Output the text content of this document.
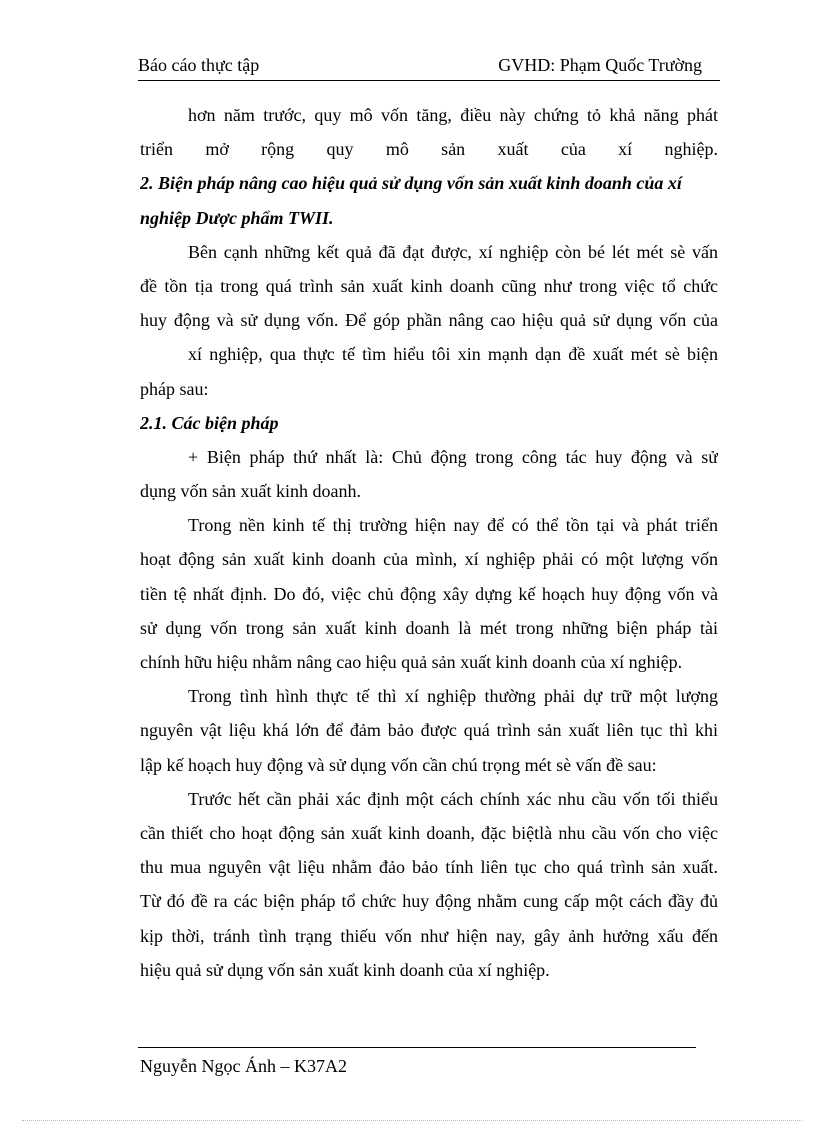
Báo cáo thực tập	GVHD: Phạm Quốc Trường
hơn năm trước, quy mô vốn tăng, điều này chứng tỏ khả năng phát
triển mở rộng quy mô sản xuất của xí nghiệp.
2. Biện pháp nâng cao hiệu quả sử dụng vốn sản xuất kinh doanh của xí
nghiệp Dược phẩm TWII.
Bên cạnh những kết quả đã đạt được, xí nghiệp còn bé lét mét sè vấn
đề tồn tịa trong quá trình sản xuất kinh doanh cũng như trong việc tổ chức
huy động và sử dụng vốn. Để góp phần nâng cao hiệu quả sử dụng vốn của
xí nghiệp, qua thực tế tìm hiểu tôi xin mạnh dạn đề xuất mét sè biện
pháp sau:
2.1. Các biện pháp
+ Biện pháp thứ nhất là: Chủ động trong công tác huy động và sử
dụng vốn sản xuất kinh doanh.
Trong nền kinh tế thị trường hiện nay để có thể tồn tại và phát triển
hoạt động sản xuất kinh doanh của mình, xí nghiệp phải có một lượng vốn
tiền tệ nhất định. Do đó, việc chủ động xây dựng kế hoạch huy động vốn và
sử dụng vốn trong sản xuất kinh doanh là mét trong những biện pháp tài
chính hữu hiệu nhằm nâng cao hiệu quả sản xuất kinh doanh của xí nghiệp.
Trong tình hình thực tế thì xí nghiệp thường phải dự trữ một lượng
nguyên vật liệu khá lớn để đảm bảo được quá trình sản xuất liên tục thì khi
lập kế hoạch huy động và sử dụng vốn cần chú trọng mét sè vấn đề sau:
Trước hết cần phải xác định một cách chính xác nhu cầu vốn tối thiểu
cần thiết cho hoạt động sản xuất kinh doanh, đặc biệtlà nhu cầu vốn cho việc
thu mua nguyên vật liệu nhằm đảo bảo tính liên tục cho quá trình sản xuất.
Từ đó đề ra các biện pháp tổ chức huy động nhằm cung cấp một cách đầy đủ
kịp thời, tránh tình trạng thiếu vốn như hiện nay, gây ảnh hưởng xấu đến
hiệu quả sử dụng vốn sản xuất kinh doanh của xí nghiệp.
Nguyễn Ngọc Ánh – K37A2
